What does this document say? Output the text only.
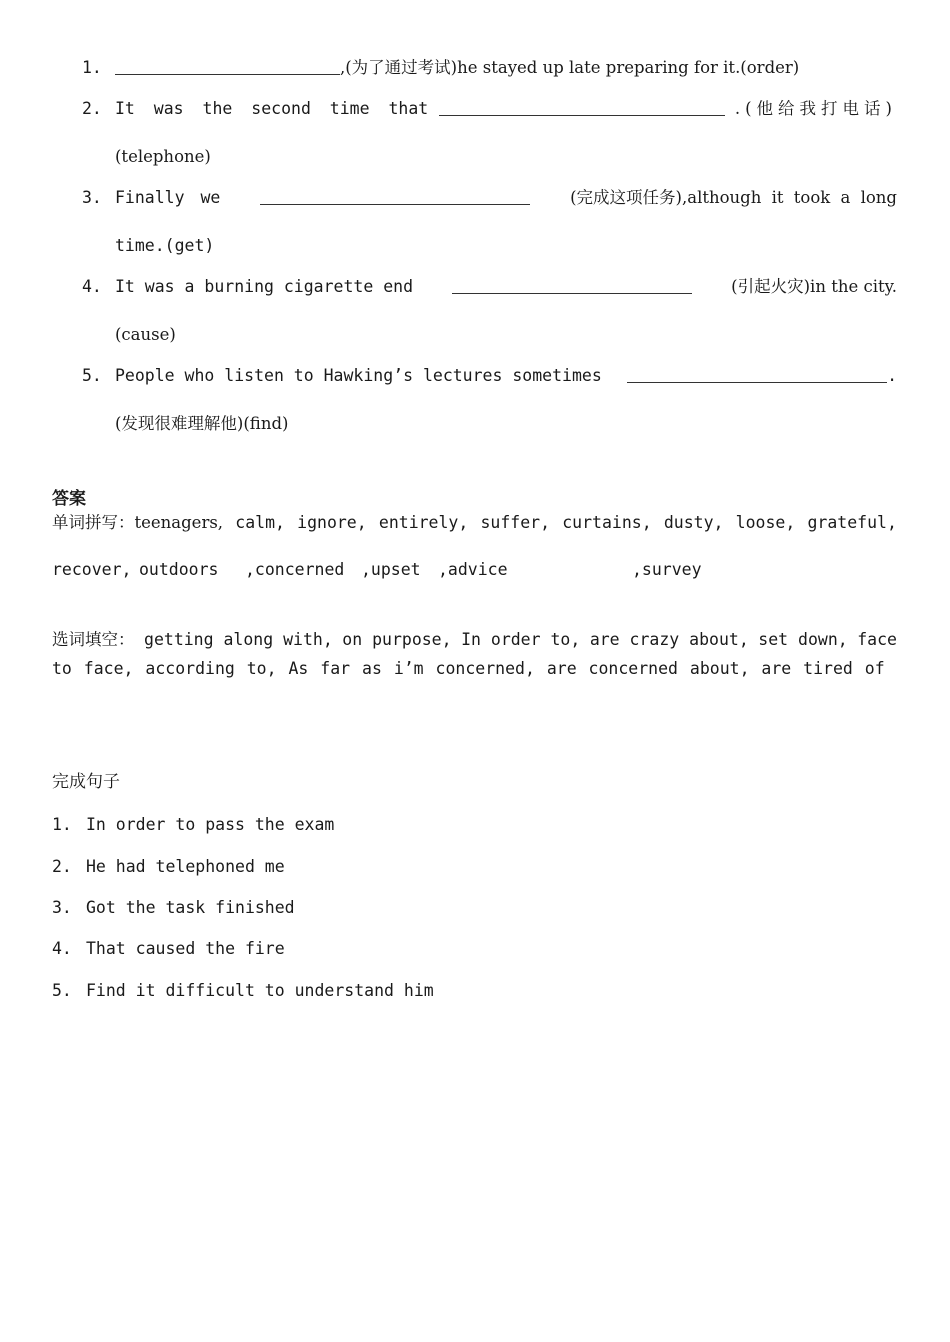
1.	,(为了通过考试)he stayed up late preparing for it.(order)
2. It was the second time that	.(他给我打电话)
(telephone)
3. Finally we	(完成这项任务),although it took a long
time.(get)
4. It was a burning cigarette end	(引起火灾)in the city.
(cause)
5. People who listen to Hawking’s lectures sometimes	.
(发现很难理解他)(find)
答案
单词拼写：teenagers, calm, ignore, entirely, suffer, curtains, dusty, loose, grateful,
recover, outdoors ,concerned ,upset ,advice	,survey
选词填空： getting along with, on purpose, In order to, are crazy about, set down, face
to face, according to, As far as i’m concerned, are concerned about, are tired of
完成句子
1. In order to pass the exam
2. He had telephoned me
3. Got the task finished
4. That caused the fire
5. Find it difficult to understand him
